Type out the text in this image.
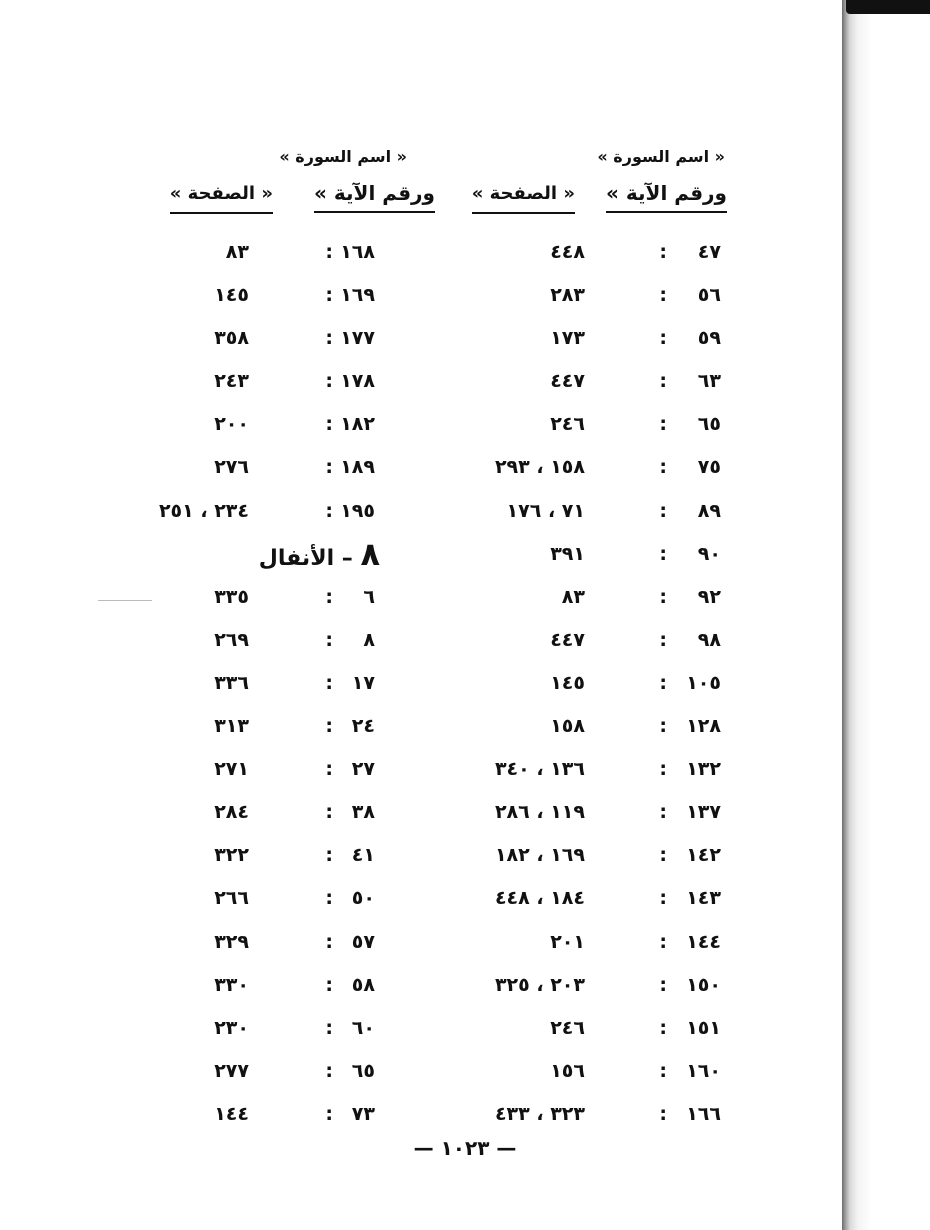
« اسم السورة »
ورقم الآية »
« الصفحة »
٤٧
:
٤٤٨
٥٦
:
٢٨٣
٥٩
:
١٧٣
٦٣
:
٤٤٧
٦٥
:
٢٤٦
٧٥
:
١٥٨ ، ٢٩٣
٨٩
:
٧١ ، ١٧٦
٩٠
:
٣٩١
٩٢
:
٨٣
٩٨
:
٤٤٧
١٠٥
:
١٤٥
١٢٨
:
١٥٨
١٣٢
:
١٣٦ ، ٣٤٠
١٣٧
:
١١٩ ، ٢٨٦
١٤٢
:
١٦٩ ، ١٨٢
١٤٣
:
١٨٤ ، ٤٤٨
١٤٤
:
٢٠١
١٥٠
:
٢٠٣ ، ٣٢٥
١٥١
:
٢٤٦
١٦٠
:
١٥٦
١٦٦
:
٣٢٣ ، ٤٣٣
« اسم السورة »
ورقم الآية »
« الصفحة »
١٦٨
:
٨٣
١٦٩
:
١٤٥
١٧٧
:
٣٥٨
١٧٨
:
٢٤٣
١٨٢
:
٢٠٠
١٨٩
:
٢٧٦
١٩٥
:
٢٣٤ ، ٢٥١
٨ – الأنفال
٦
:
٣٣٥
٨
:
٢٦٩
١٧
:
٣٣٦
٢٤
:
٣١٣
٢٧
:
٢٧١
٣٨
:
٢٨٤
٤١
:
٣٢٢
٥٠
:
٢٦٦
٥٧
:
٣٢٩
٥٨
:
٣٣٠
٦٠
:
٢٣٠
٦٥
:
٢٧٧
٧٣
:
١٤٤
— ١٠٢٣ —
